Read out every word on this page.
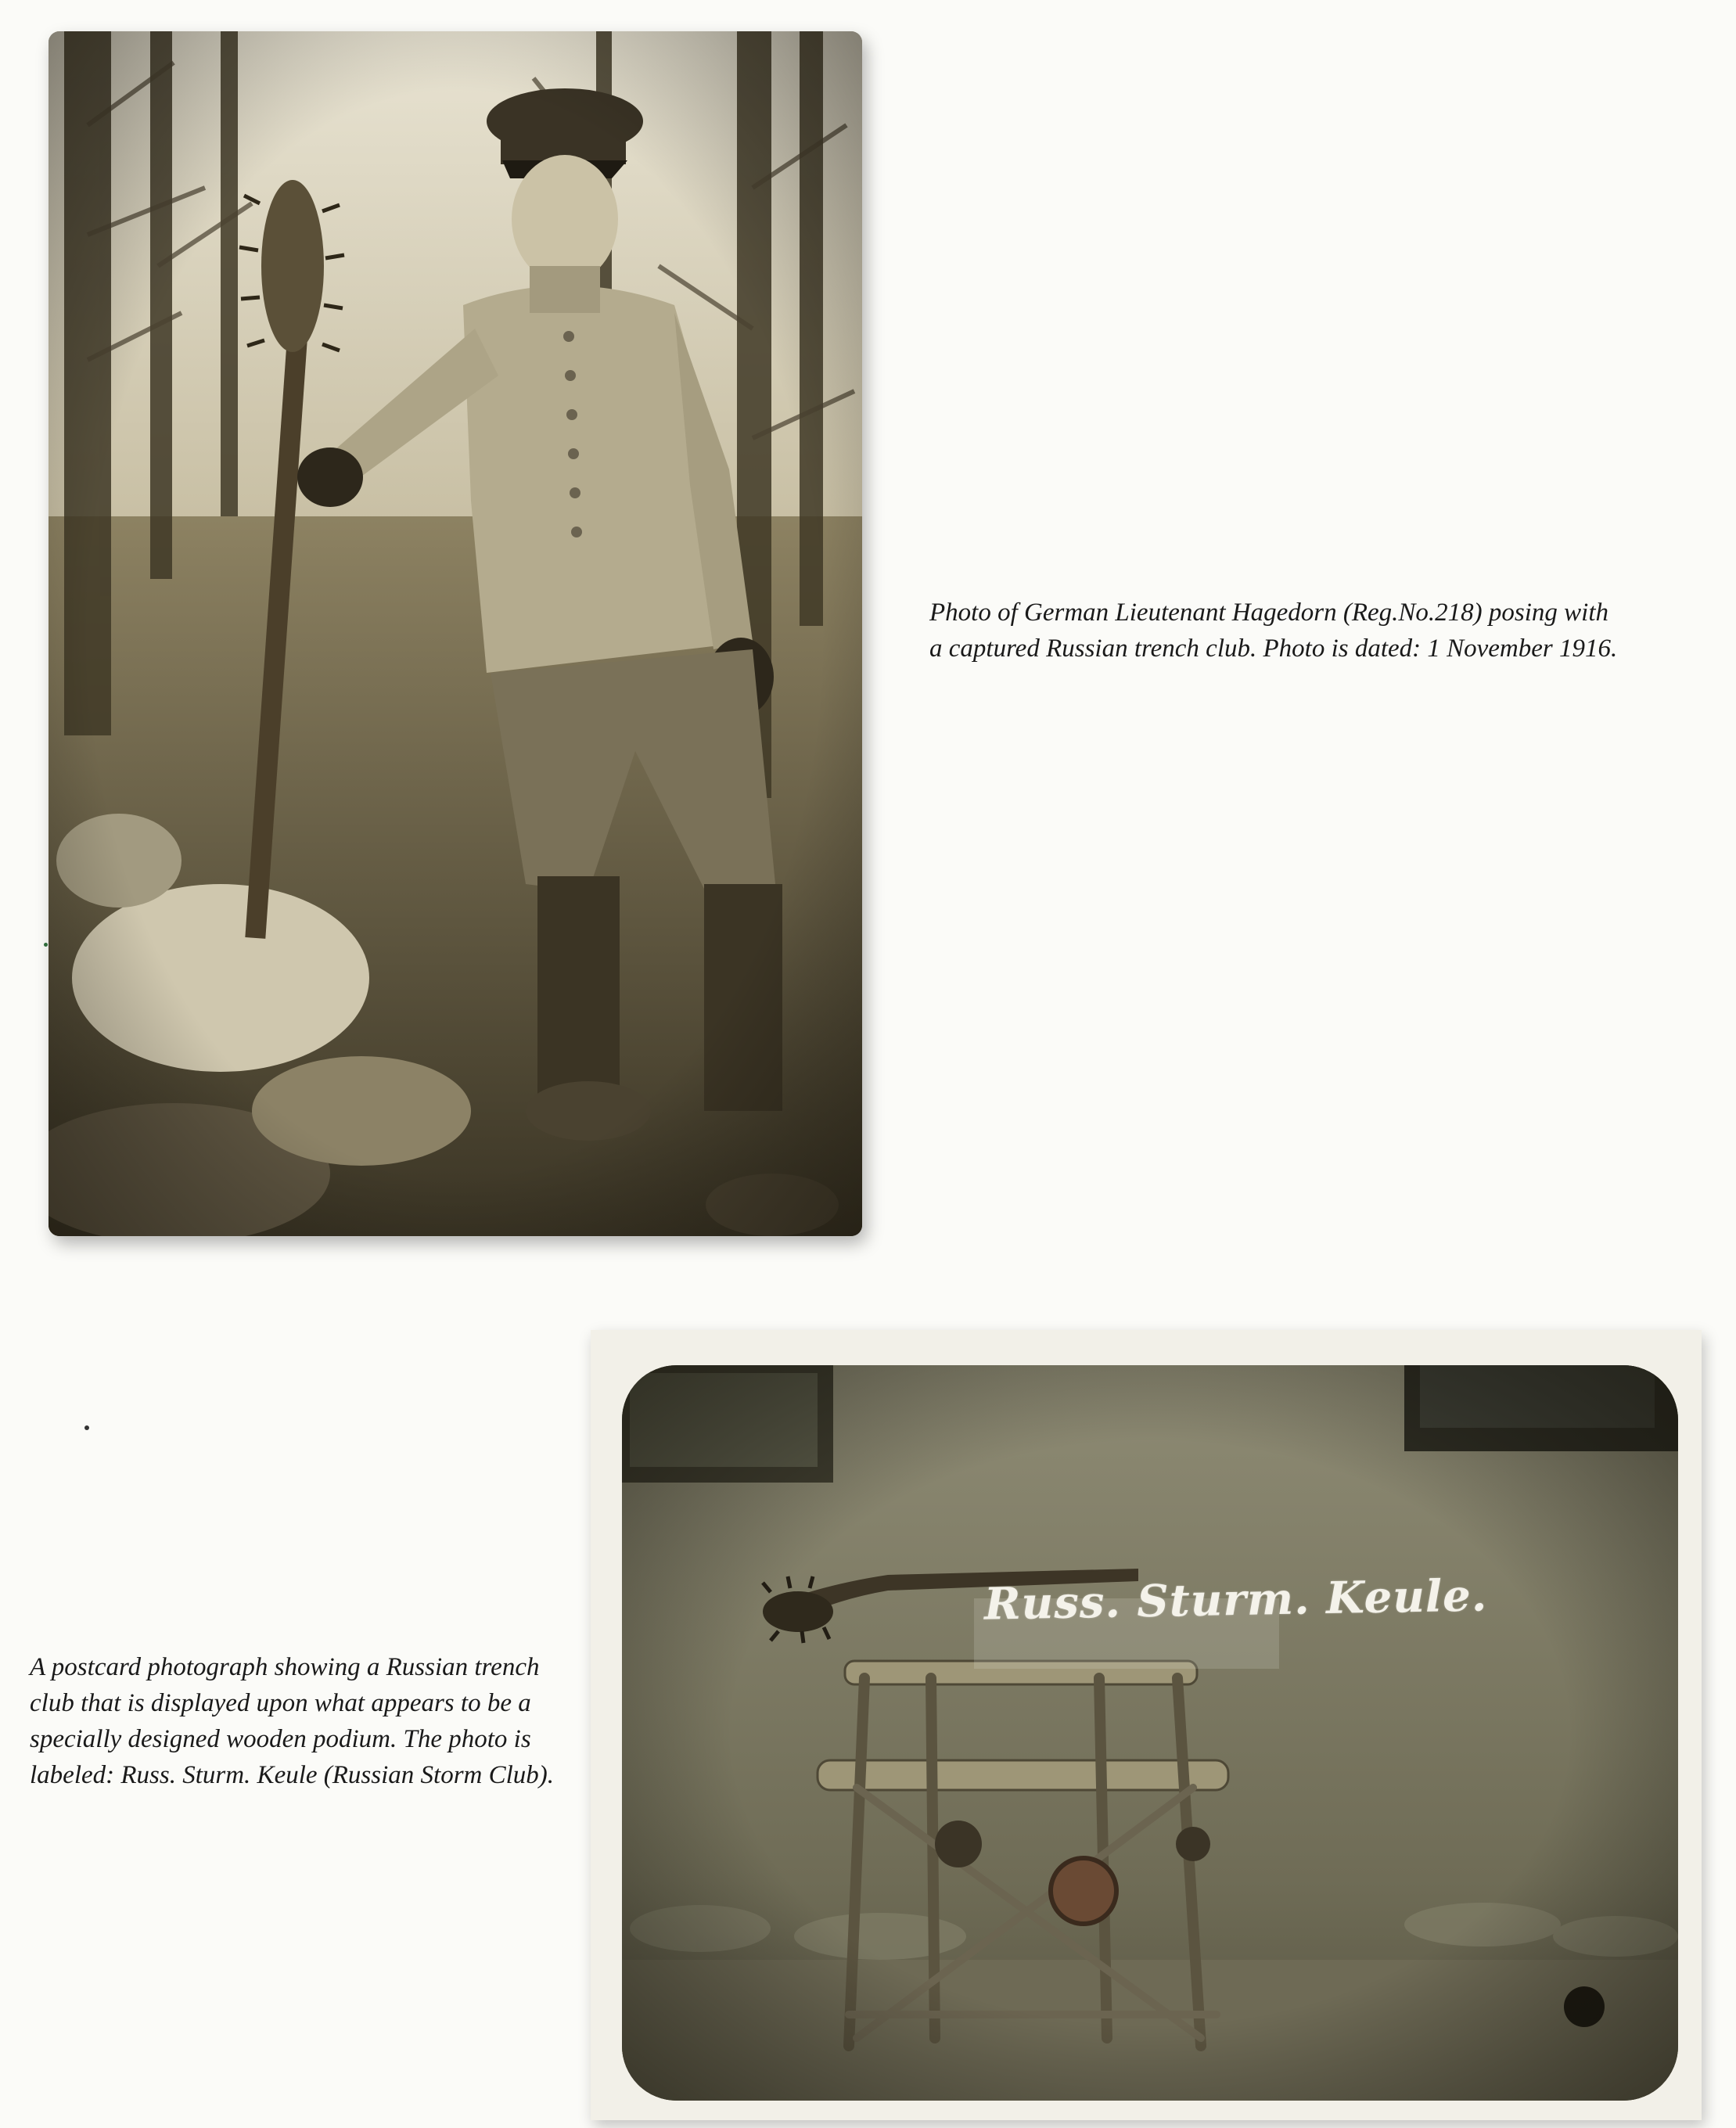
Photo of German Lieutenant Hagedorn (Reg.No.218) posing with a captured Russian trench club. Photo is dated: 1 November 1916.

Russ. Sturm. Keule.

A postcard photograph showing a Russian trench club that is displayed upon what appears to be a specially designed wooden podium. The photo is labeled: Russ. Sturm. Keule (Russian Storm Club).
